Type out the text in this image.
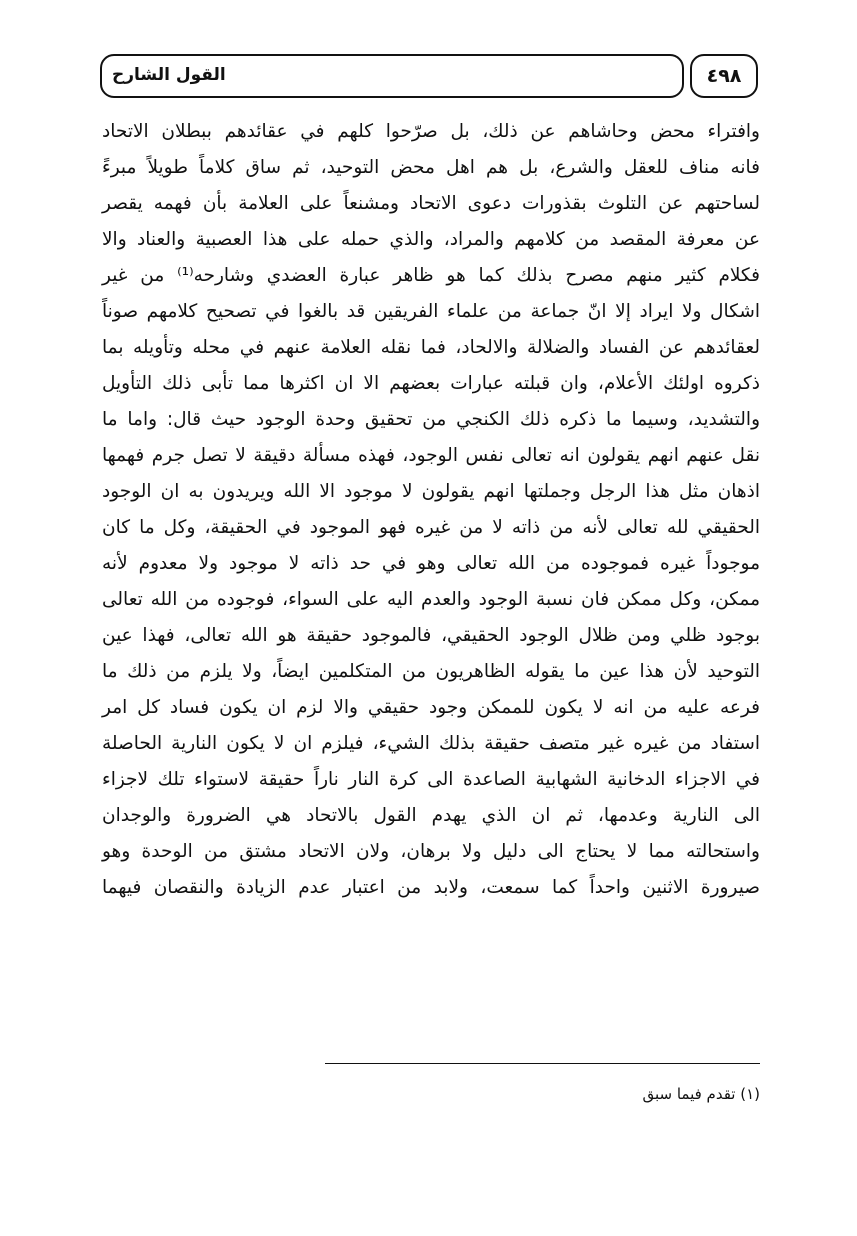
٤٩٨
القول الشارح
وافتراء محض وحاشاهم عن ذلك، بل صرّحوا كلهم في عقائدهم ببطلان الاتحاد
فانه مناف للعقل والشرع، بل هم اهل محض التوحيد، ثم ساق كلاماً طويلاً مبرءً
لساحتهم عن التلوث بقذورات دعوى الاتحاد ومشنعاً على العلامة بأن فهمه يقصر
عن معرفة المقصد من كلامهم والمراد، والذي حمله على هذا العصبية والعناد والا
فكلام كثير منهم مصرح بذلك كما هو ظاهر عبارة العضدي وشارحه⁽¹⁾ من غير
اشكال ولا ايراد إلا انّ جماعة من علماء الفريقين قد بالغوا في تصحيح كلامهم صوناً
لعقائدهم عن الفساد والضلالة والالحاد، فما نقله العلامة عنهم في محله وتأويله بما
ذكروه اولئك الأعلام، وان قبلته عبارات بعضهم الا ان اكثرها مما تأبى ذلك التأويل
والتشديد، وسيما ما ذكره ذلك الكنجي من تحقيق وحدة الوجود حيث قال: واما ما
نقل عنهم انهم يقولون انه تعالى نفس الوجود، فهذه مسألة دقيقة لا تصل جرم فهمها
اذهان مثل هذا الرجل وجملتها انهم يقولون لا موجود الا الله ويريدون به ان الوجود
الحقيقي لله تعالى لأنه من ذاته لا من غيره فهو الموجود في الحقيقة، وكل ما كان
موجوداً غيره فموجوده من الله تعالى وهو في حد ذاته لا موجود ولا معدوم لأنه
ممكن، وكل ممكن فان نسبة الوجود والعدم اليه على السواء، فوجوده من الله تعالى
بوجود ظلي ومن ظلال الوجود الحقيقي، فالموجود حقيقة هو الله تعالى، فهذا عين
التوحيد لأن هذا عين ما يقوله الظاهريون من المتكلمين ايضاً، ولا يلزم من ذلك ما
فرعه عليه من انه لا يكون للممكن وجود حقيقي والا لزم ان يكون فساد كل امر
استفاد من غيره غير متصف حقيقة بذلك الشيء، فيلزم ان لا يكون النارية الحاصلة
في الاجزاء الدخانية الشهابية الصاعدة الى كرة النار ناراً حقيقة لاستواء تلك لاجزاء
الى النارية وعدمها، ثم ان الذي يهدم القول بالاتحاد هي الضرورة والوجدان
واستحالته مما لا يحتاج الى دليل ولا برهان، ولان الاتحاد مشتق من الوحدة وهو
صيرورة الاثنين واحداً كما سمعت، ولابد من اعتبار عدم الزيادة والنقصان فيهما
(١) تقدم فيما سبق
